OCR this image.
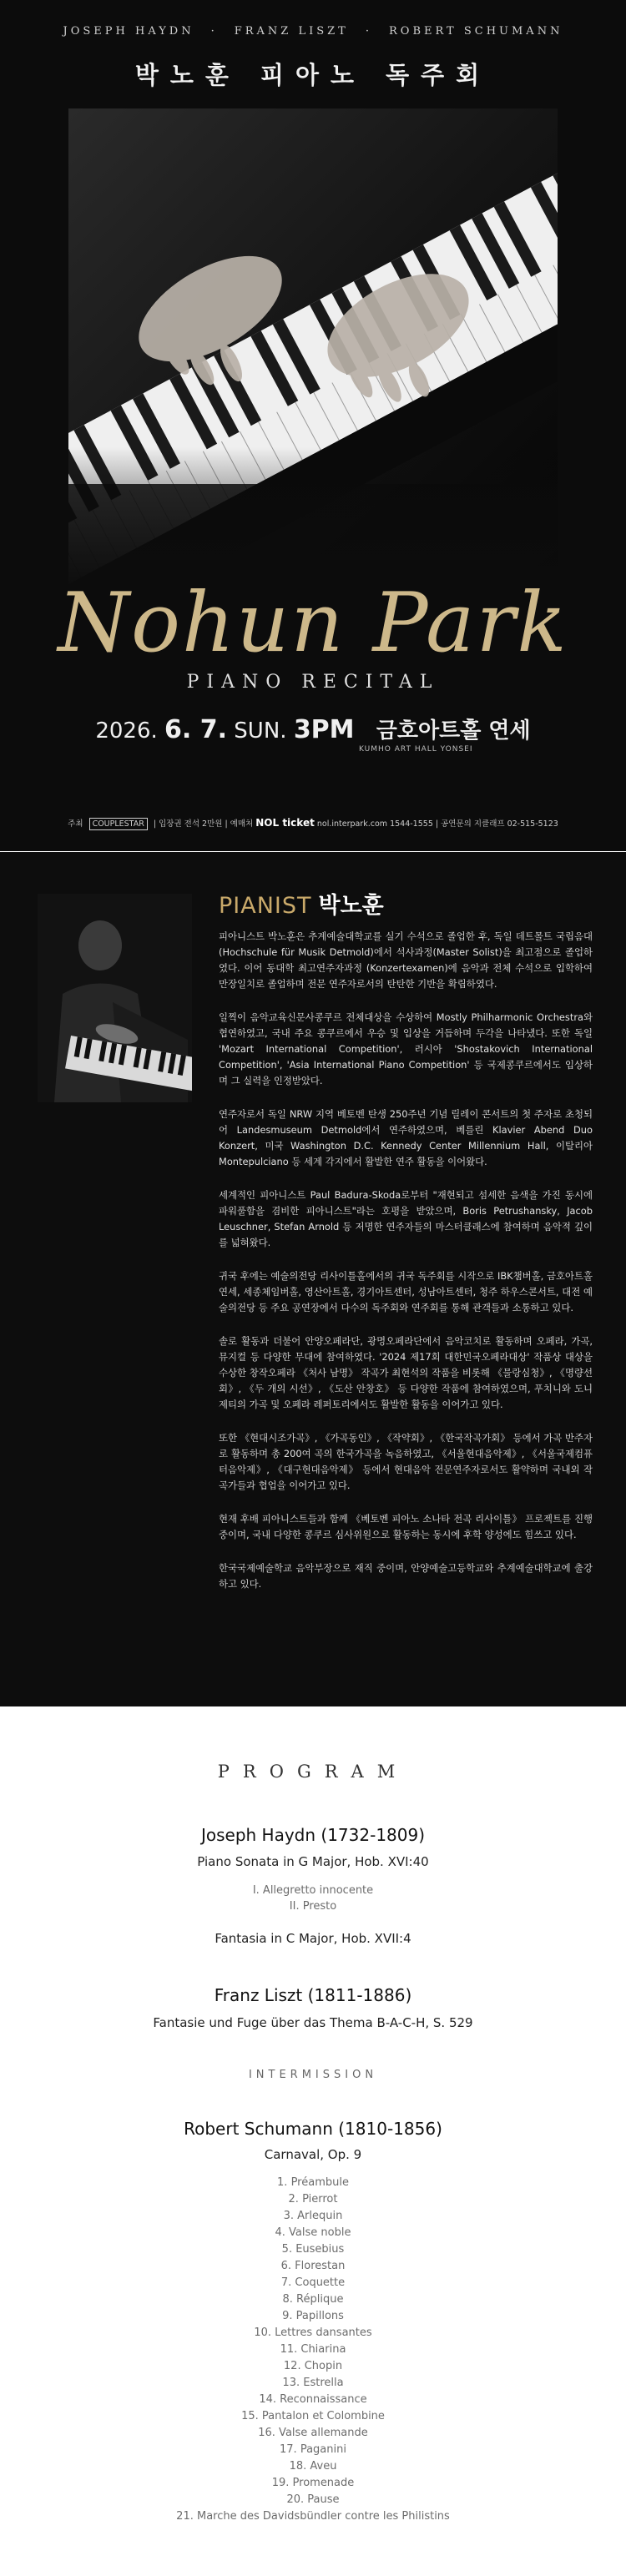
JOSEPH HAYDN · FRANZ LISZT · ROBERT SCHUMANN
박노훈 피아노 독주회
Nohun Park
PIANO RECITAL
2026. 6. 7. SUN. 3PM 금호아트홀 연세
KUMHO ART HALL YONSEI
주최 COUPLESTAR | 입장권 전석 2만원 | 예매처 NOL ticket nol.interpark.com 1544-1555 | 공연문의 지클래프 02-515-5123
PIANIST 박노훈

피아니스트 박노훈은 추계예술대학교를 실기 수석으로 졸업한 후, 독일 데트몰트 국립음대(Hochschule für Musik Detmold)에서 석사과정(Master Solist)을 최고점으로 졸업하였다. 이어 동대학 최고연주자과정 (Konzertexamen)에 음악과 전체 수석으로 입학하여 만장일치로 졸업하며 전문 연주자로서의 탄탄한 기반을 확립하였다.

일찍이 음악교육신문사콩쿠르 전체대상을 수상하여 Mostly Philharmonic Orchestra와 협연하였고, 국내 주요 콩쿠르에서 우승 및 입상을 거듭하며 두각을 나타냈다. 또한 독일 'Mozart International Competition', 러시아 'Shostakovich International Competition', 'Asia International Piano Competition' 등 국제콩쿠르에서도 입상하며 그 실력을 인정받았다.

연주자로서 독일 NRW 지역 베토벤 탄생 250주년 기념 릴레이 콘서트의 첫 주자로 초청되어 Landesmuseum Detmold에서 연주하였으며, 베를린 Klavier Abend Duo Konzert, 미국 Washington D.C. Kennedy Center Millennium Hall, 이탈리아 Montepulciano 등 세계 각지에서 활발한 연주 활동을 이어왔다.

세계적인 피아니스트 Paul Badura-Skoda로부터 "재현되고 섬세한 음색을 가진 동시에 파워풀함을 겸비한 피아니스트"라는 호평을 받았으며, Boris Petrushansky, Jacob Leuschner, Stefan Arnold 등 저명한 연주자들의 마스터클래스에 참여하며 음악적 깊이를 넓혀왔다.

귀국 후에는 예술의전당 리사이틀홀에서의 귀국 독주회를 시작으로 IBK챔버홀, 금호아트홀 연세, 세종체임버홀, 영산아트홀, 경기아트센터, 성남아트센터, 청주 하우스콘서트, 대전 예술의전당 등 주요 공연장에서 다수의 독주회와 연주회를 통해 관객들과 소통하고 있다.

솔로 활동과 더불어 안양오페라단, 광명오페라단에서 음악코치로 활동하며 오페라, 가곡, 뮤지컬 등 다양한 무대에 참여하였다. '2024 제17회 대한민국오페라대상' 작품상 대상을 수상한 창작오페라 《처사 남명》 작곡가 최현석의 작품을 비롯해 《물랑심청》, 《명량선회》, 《두 개의 시선》, 《도산 안창호》 등 다양한 작품에 참여하였으며, 푸치니와 도니제티의 가곡 및 오페라 레퍼토리에서도 활발한 활동을 이어가고 있다.

또한 《현대시조가곡》, 《가곡동인》, 《작약회》, 《한국작곡가회》 등에서 가곡 반주자로 활동하며 총 200여 곡의 한국가곡을 녹음하였고, 《서울현대음악제》, 《서울국제컴퓨터음악제》, 《대구현대음악제》 등에서 현대음악 전문연주자로서도 활약하며 국내외 작곡가들과 협업을 이어가고 있다.

현재 후배 피아니스트들과 함께 《베토벤 피아노 소나타 전곡 리사이틀》 프로젝트를 진행 중이며, 국내 다양한 콩쿠르 심사위원으로 활동하는 동시에 후학 양성에도 힘쓰고 있다.

한국국제예술학교 음악부장으로 재직 중이며, 안양예술고등학교와 추계예술대학교에 출강하고 있다.

PROGRAM
Joseph Haydn (1732-1809)
Piano Sonata in G Major, Hob. XVI:40
I. Allegretto innocente
II. Presto
Fantasia in C Major, Hob. XVII:4
Franz Liszt (1811-1886)
Fantasie und Fuge über das Thema B-A-C-H, S. 529
INTERMISSION
Robert Schumann (1810-1856)
Carnaval, Op. 9
1. Préambule
2. Pierrot
3. Arlequin
4. Valse noble
5. Eusebius
6. Florestan
7. Coquette
8. Réplique
9. Papillons
10. Lettres dansantes
11. Chiarina
12. Chopin
13. Estrella
14. Reconnaissance
15. Pantalon et Colombine
16. Valse allemande
17. Paganini
18. Aveu
19. Promenade
20. Pause
21. Marche des Davidsbündler contre les Philistins
